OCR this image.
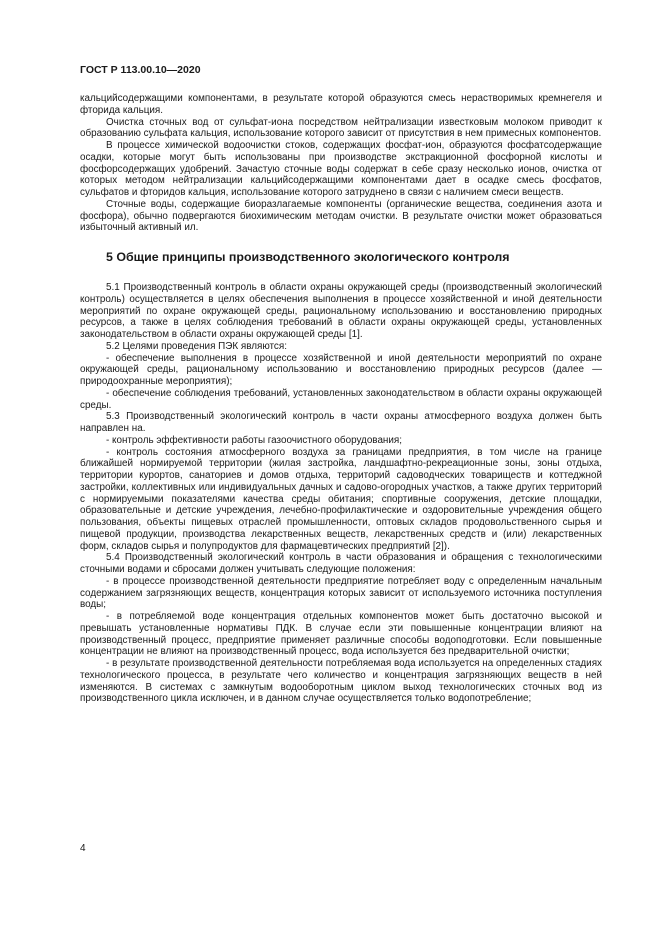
ГОСТ Р 113.00.10—2020

кальцийсодержащими компонентами, в результате которой образуются смесь нерастворимых кремнегеля и фторида кальция.

Очистка сточных вод от сульфат-иона посредством нейтрализации известковым молоком приводит к образованию сульфата кальция, использование которого зависит от присутствия в нем примесных компонентов.

В процессе химической водоочистки стоков, содержащих фосфат-ион, образуются фосфатсодержащие осадки, которые могут быть использованы при производстве экстракционной фосфорной кислоты и фосфорсодержащих удобрений. Зачастую сточные воды содержат в себе сразу несколько ионов, очистка от которых методом нейтрализации кальцийсодержащими компонентами дает в осадке смесь фосфатов, сульфатов и фторидов кальция, использование которого затруднено в связи с наличием смеси веществ.

Сточные воды, содержащие биоразлагаемые компоненты (органические вещества, соединения азота и фосфора), обычно подвергаются биохимическим методам очистки. В результате очистки может образоваться избыточный активный ил.

5 Общие принципы производственного экологического контроля

5.1 Производственный контроль в области охраны окружающей среды (производственный экологический контроль) осуществляется в целях обеспечения выполнения в процессе хозяйственной и иной деятельности мероприятий по охране окружающей среды, рациональному использованию и восстановлению природных ресурсов, а также в целях соблюдения требований в области охраны окружающей среды, установленных законодательством в области охраны окружающей среды [1].

5.2 Целями проведения ПЭК являются:

- обеспечение выполнения в процессе хозяйственной и иной деятельности мероприятий по охране окружающей среды, рациональному использованию и восстановлению природных ресурсов (далее — природоохранные мероприятия);

- обеспечение соблюдения требований, установленных законодательством в области охраны окружающей среды.

5.3 Производственный экологический контроль в части охраны атмосферного воздуха должен быть направлен на.

- контроль эффективности работы газоочистного оборудования;

- контроль состояния атмосферного воздуха за границами предприятия, в том числе на границе ближайшей нормируемой территории (жилая застройка, ландшафтно-рекреационные зоны, зоны отдыха, территории курортов, санаториев и домов отдыха, территорий садоводческих товариществ и коттеджной застройки, коллективных или индивидуальных дачных и садово-огородных участков, а также других территорий с нормируемыми показателями качества среды обитания; спортивные сооружения, детские площадки, образовательные и детские учреждения, лечебно-профилактические и оздоровительные учреждения общего пользования, объекты пищевых отраслей промышленности, оптовых складов продовольственного сырья и пищевой продукции, производства лекарственных веществ, лекарственных средств и (или) лекарственных форм, складов сырья и полупродуктов для фармацевтических предприятий [2]).

5.4 Производственный экологический контроль в части образования и обращения с технологическими сточными водами и сбросами должен учитывать следующие положения:

- в процессе производственной деятельности предприятие потребляет воду с определенным начальным содержанием загрязняющих веществ, концентрация которых зависит от используемого источника поступления воды;

- в потребляемой воде концентрация отдельных компонентов может быть достаточно высокой и превышать установленные нормативы ПДК. В случае если эти повышенные концентрации влияют на производственный процесс, предприятие применяет различные способы водоподготовки. Если повышенные концентрации не влияют на производственный процесс, вода используется без предварительной очистки;

- в результате производственной деятельности потребляемая вода используется на определенных стадиях технологического процесса, в результате чего количество и концентрация загрязняющих веществ в ней изменяются. В системах с замкнутым водооборотным циклом выход технологических сточных вод из производственного цикла исключен, и в данном случае осуществляется только водопотребление;

4
